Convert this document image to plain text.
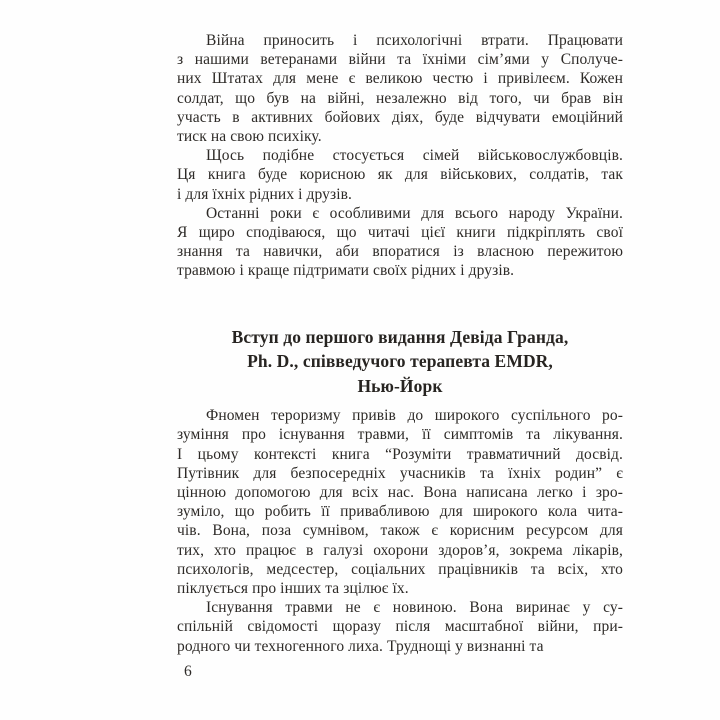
Війна приносить і психологічні втрати. Працювати
з нашими ветеранами війни та їхніми сім’ями у Сполуче-
них Штатах для мене є великою честю і привілеєм. Кожен
солдат, що був на війні, незалежно від того, чи брав він
участь в активних бойових діях, буде відчувати емоційний
тиск на свою психіку.
Щось подібне стосується сімей військовослужбовців.
Ця книга буде корисною як для військових, солдатів, так
і для їхніх рідних і друзів.
Останні роки є особливими для всього народу України.
Я щиро сподіваюся, що читачі цієї книги підкріплять свої
знання та навички, аби впоратися із власною пережитою
травмою і краще підтримати своїх рідних і друзів.
Вступ до першого видання Девіда Гранда,
Ph. D., співведучого терапевта EMDR,
Нью-Йорк
Фномен тероризму привів до широкого суспільного ро-
зуміння про існування травми, її симптомів та лікування.
І цьому контексті книга “Розуміти травматичний досвід.
Путівник для безпосередніх учасників та їхніх родин” є
цінною допомогою для всіх нас. Вона написана легко і зро-
зуміло, що робить її привабливою для широкого кола чита-
чів. Вона, поза сумнівом, також є корисним ресурсом для
тих, хто працює в галузі охорони здоров’я, зокрема лікарів,
психологів, медсестер, соціальних працівників та всіх, хто
піклується про інших та зцілює їх.
Існування травми не є новиною. Вона виринає у су-
спільній свідомості щоразу після масштабної війни, при-
родного чи техногенного лиха. Труднощі у визнанні та
6
